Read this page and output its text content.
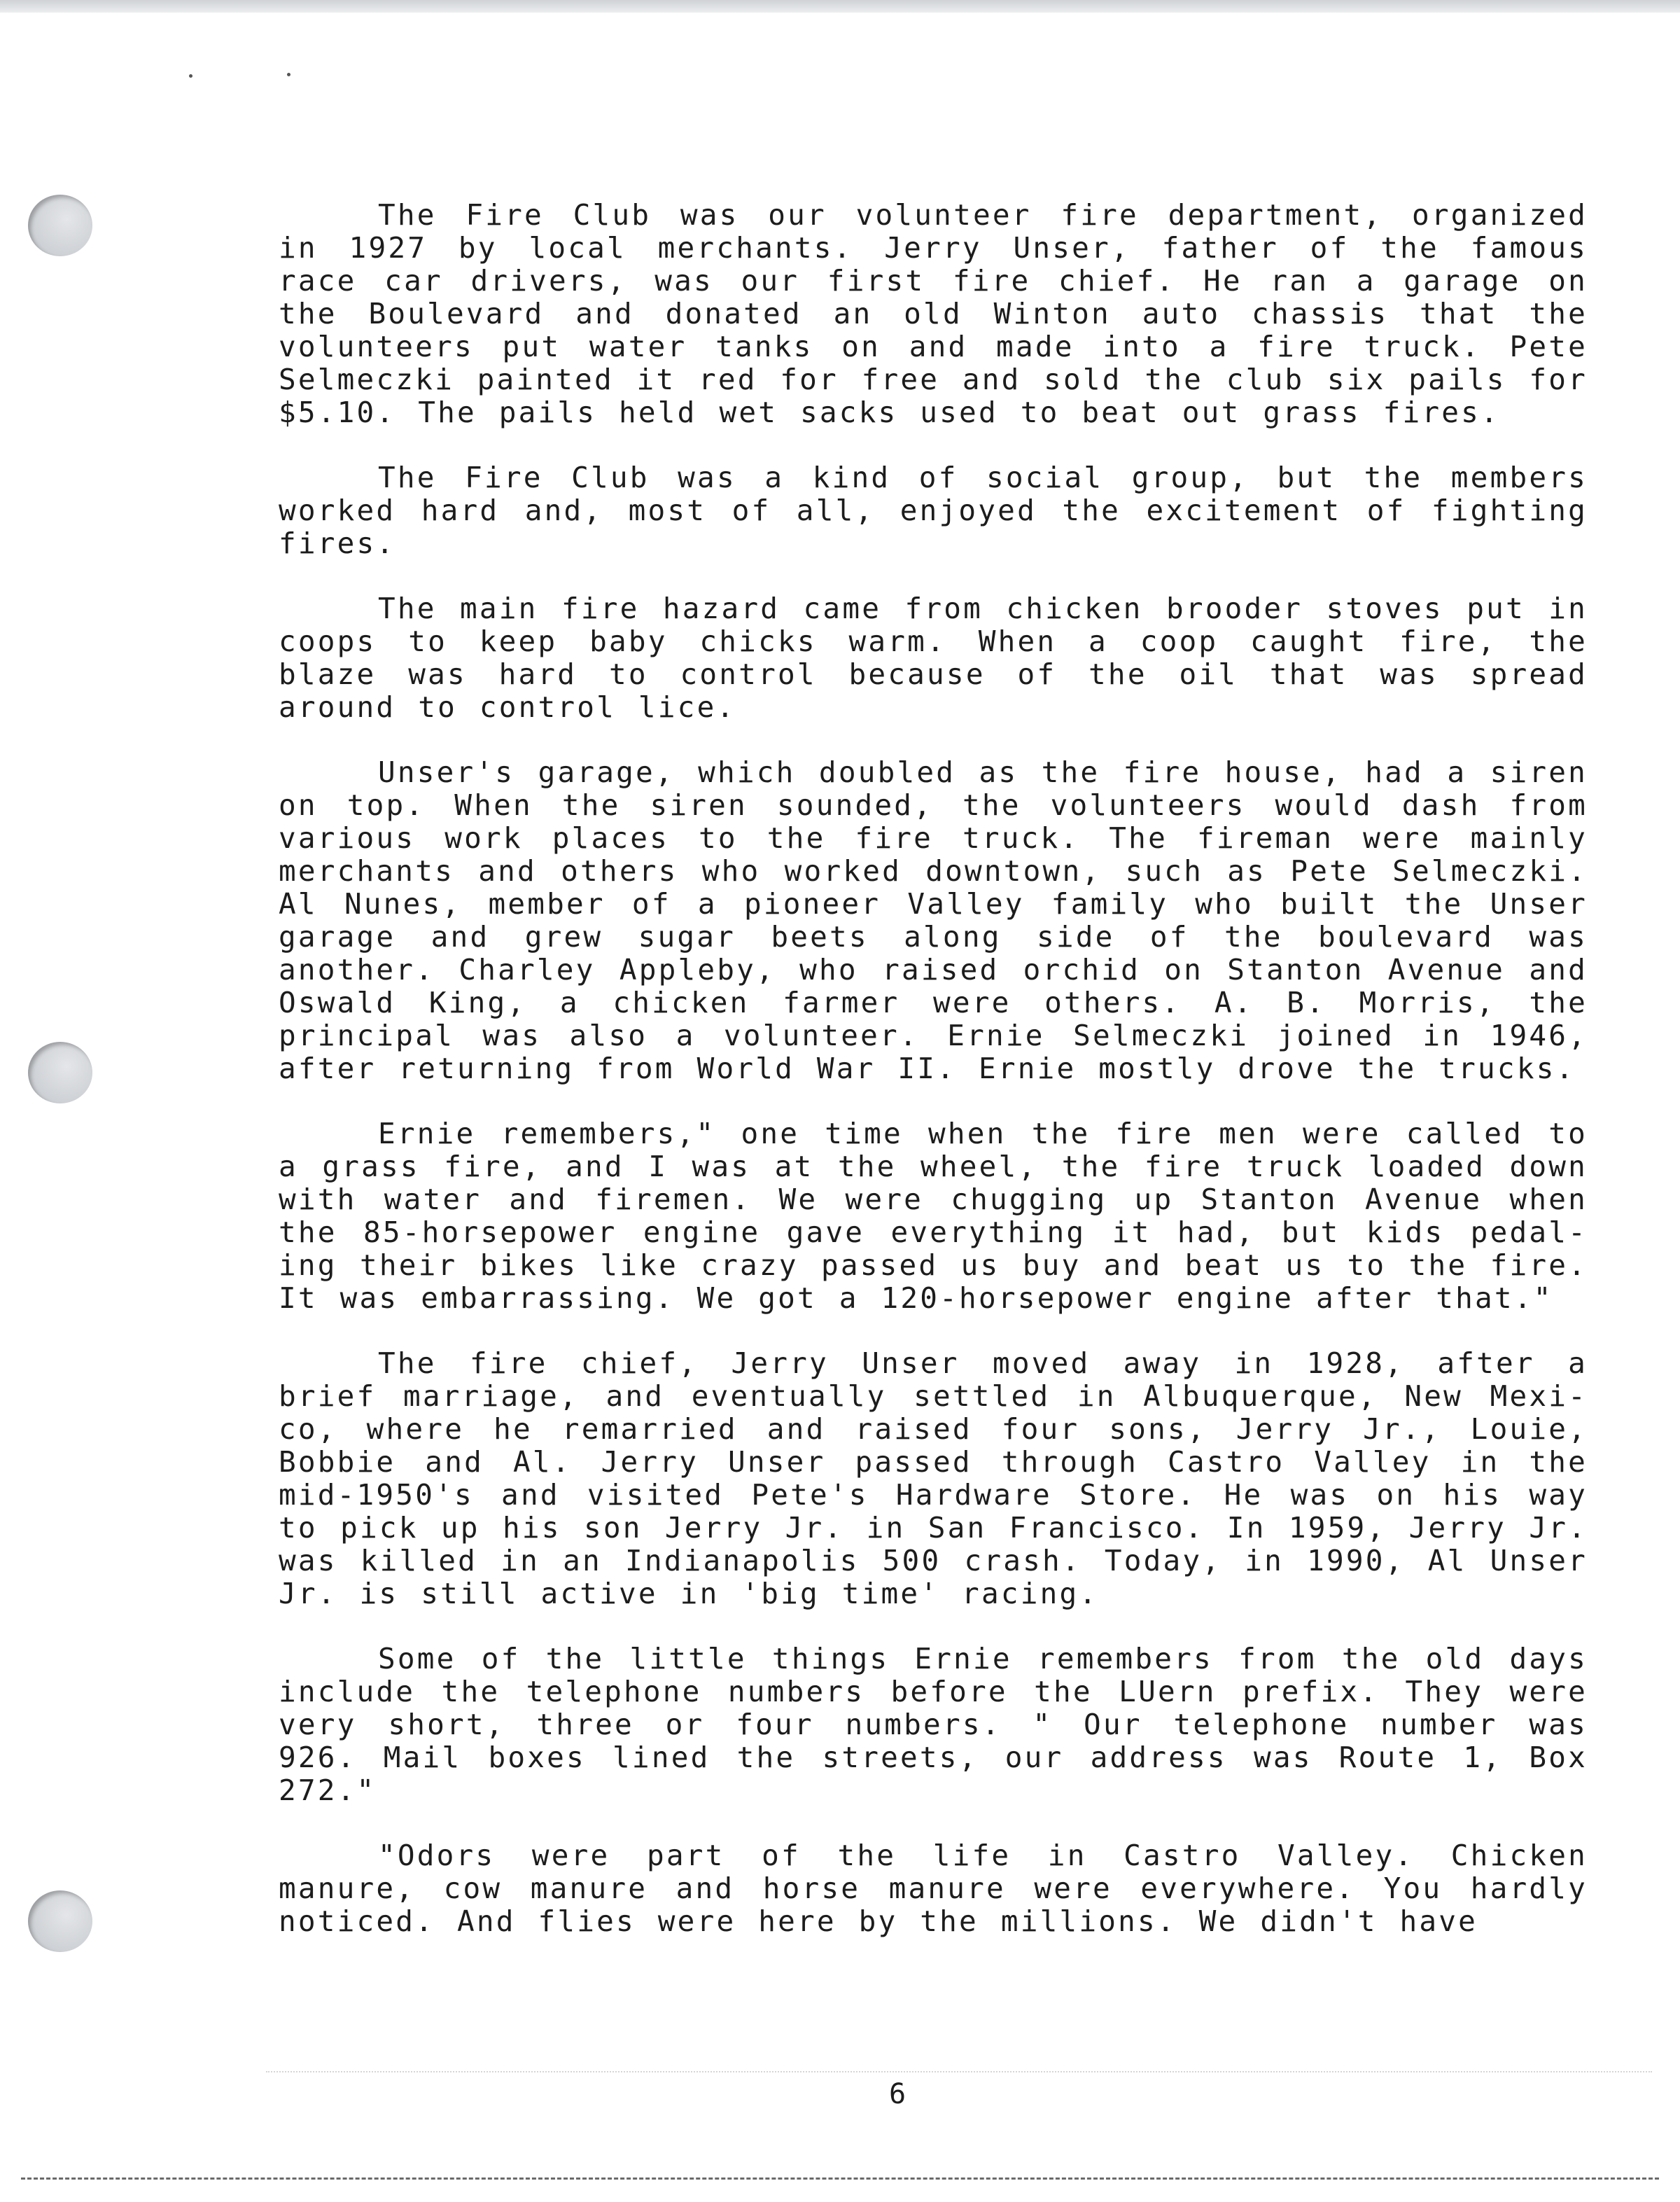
The Fire Club was our volunteer fire department, organized in 1927 by local merchants. Jerry Unser, father of the famous race car drivers, was our first fire chief. He ran a garage on the Boulevard and donated an old Winton auto chassis that the volunteers put water tanks on and made into a fire truck. Pete Selmeczki painted it red for free and sold the club six pails for $5.10. The pails held wet sacks used to beat out grass fires.

The Fire Club was a kind of social group, but the members worked hard and, most of all, enjoyed the excitement of fighting fires.

The main fire hazard came from chicken brooder stoves put in coops to keep baby chicks warm. When a coop caught fire, the blaze was hard to control because of the oil that was spread around to control lice.

Unser's garage, which doubled as the fire house, had a siren on top. When the siren sounded, the volunteers would dash from various work places to the fire truck. The fireman were mainly merchants and others who worked downtown, such as Pete Selmeczki. Al Nunes, member of a pioneer Valley family who built the Unser garage and grew sugar beets along side of the boulevard was another. Charley Appleby, who raised orchid on Stanton Avenue and Oswald King, a chicken farmer were others. A. B. Morris, the principal was also a volunteer. Ernie Selmeczki joined in 1946, after returning from World War II. Ernie mostly drove the trucks.

Ernie remembers," one time when the fire men were called to a grass fire, and I was at the wheel, the fire truck loaded down with water and firemen. We were chugging up Stanton Avenue when the 85-horsepower engine gave everything it had, but kids pedal-ing their bikes like crazy passed us buy and beat us to the fire. It was embarrassing. We got a 120-horsepower engine after that."

The fire chief, Jerry Unser moved away in 1928, after a brief marriage, and eventually settled in Albuquerque, New Mexi-co, where he remarried and raised four sons, Jerry Jr., Louie, Bobbie and Al. Jerry Unser passed through Castro Valley in the mid-1950's and visited Pete's Hardware Store. He was on his way to pick up his son Jerry Jr. in San Francisco. In 1959, Jerry Jr. was killed in an Indianapolis 500 crash. Today, in 1990, Al Unser Jr. is still active in 'big time' racing.

Some of the little things Ernie remembers from the old days include the telephone numbers before the LUern prefix. They were very short, three or four numbers. " Our telephone number was 926. Mail boxes lined the streets, our address was Route 1, Box 272."

"Odors were part of the life in Castro Valley. Chicken manure, cow manure and horse manure were everywhere. You hardly noticed. And flies were here by the millions. We didn't have

6
